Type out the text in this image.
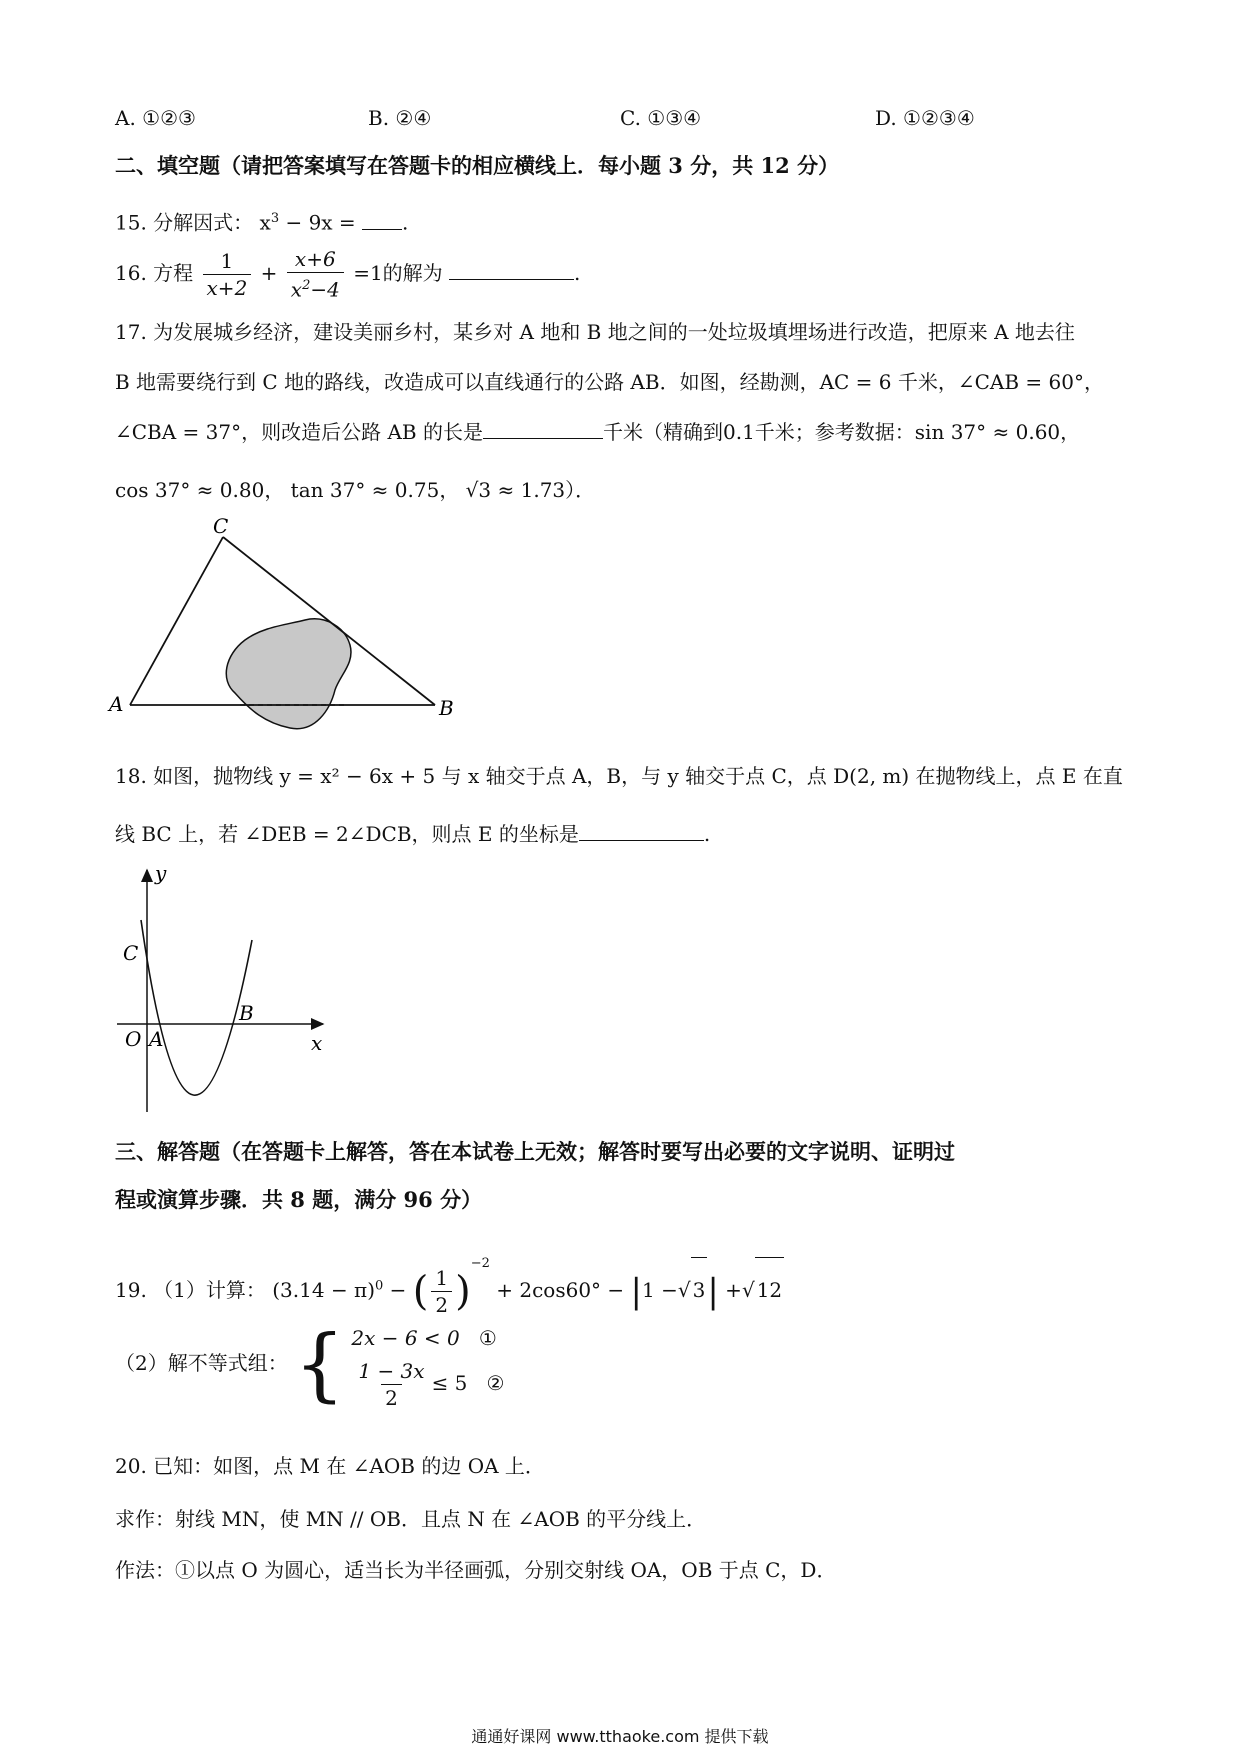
A. ①②③	B. ②④	C. ①③④	D. ①②③④
二、填空题（请把答案填写在答题卡的相应横线上．每小题 3 分，共 12 分）
15. 分解因式： $x^3 - 9x$ = .
16. 方程 $\frac{1}{x+2} + \frac{x+6}{x^2-4} =1$的解为	.
17. 为发展城乡经济，建设美丽乡村，某乡对 A 地和 B 地之间的一处垃圾填埋场进行改造，把原来 A 地去往
B 地需要绕行到 C 地的路线，改造成可以直线通行的公路 AB．如图，经勘测，AC = 6 千米，∠CAB = 60°，
∠CBA = 37°，则改造后公路 AB 的长是	千米（精确到0.1千米；参考数据：sin 37° ≈ 0.60，
cos 37° ≈ 0.80， tan 37° ≈ 0.75， √3 ≈ 1.73）．
A	B
C
18. 如图，抛物线 y = x² − 6x + 5 与 x 轴交于点 A，B，与 y 轴交于点 C，点 D(2, m) 在抛物线上，点 E 在直
线 BC 上，若 ∠DEB = 2∠DCB，则点 E 的坐标是	.
y
x
O A
B
C
三、解答题（在答题卡上解答，答在本试卷上无效；解答时要写出必要的文字说明、证明过
程或演算步骤．共 8 题，满分 96 分）
19. （1）计算： $(3.14 - \pi)^0$ − ( $\frac{1}{2} )^{-2} + 2\cos 60^\circ - |1$ −√ 3| +√ 12
（2）解不等式组： { 2x − 6 < 0 ①
$\frac{1 - 3x}{2} \le 5$ ②
20. 已知：如图，点 M 在 ∠AOB 的边 OA 上．
求作：射线 MN，使 MN // OB．且点 N 在 ∠AOB 的平分线上．
作法：①以点 O 为圆心，适当长为半径画弧，分别交射线 OA，OB 于点 C，D．
通通好课网 www.tthaoke.com 提供下载
